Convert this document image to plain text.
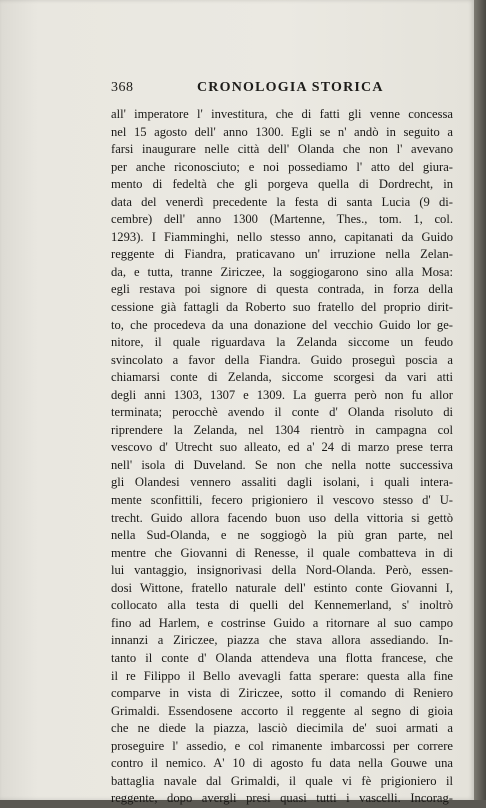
368	CRONOLOGIA STORICA
all' imperatore l' investitura, che di fatti gli venne concessa
nel 15 agosto dell' anno 1300. Egli se n' andò in seguito a
farsi inaugurare nelle città dell' Olanda che non l' avevano
per anche riconosciuto; e noi possediamo l' atto del giura-
mento di fedeltà che gli porgeva quella di Dordrecht, in
data del venerdì precedente la festa di santa Lucia (9 di-
cembre) dell' anno 1300 (Martenne, Thes., tom. 1, col.
1293). I Fiamminghi, nello stesso anno, capitanati da Guido
reggente di Fiandra, praticavano un' irruzione nella Zelan-
da, e tutta, tranne Ziriczee, la soggiogarono sino alla Mosa:
egli restava poi signore di questa contrada, in forza della
cessione già fattagli da Roberto suo fratello del proprio dirit-
to, che procedeva da una donazione del vecchio Guido lor ge-
nitore, il quale riguardava la Zelanda siccome un feudo
svincolato a favor della Fiandra. Guido proseguì poscia a
chiamarsi conte di Zelanda, siccome scorgesi da vari atti
degli anni 1303, 1307 e 1309. La guerra però non fu allor
terminata; perocchè avendo il conte d' Olanda risoluto di
riprendere la Zelanda, nel 1304 rientrò in campagna col
vescovo d' Utrecht suo alleato, ed a' 24 di marzo prese terra
nell' isola di Duveland. Se non che nella notte successiva
gli Olandesi vennero assaliti dagli isolani, i quali intera-
mente sconfittili, fecero prigioniero il vescovo stesso d' U-
trecht. Guido allora facendo buon uso della vittoria si gettò
nella Sud-Olanda, e ne soggiogò la più gran parte, nel
mentre che Giovanni di Renesse, il quale combatteva in di
lui vantaggio, insignorivasi della Nord-Olanda. Però, essen-
dosi Wittone, fratello naturale dell' estinto conte Giovanni I,
collocato alla testa di quelli del Kennemerland, s' inoltrò
fino ad Harlem, e costrinse Guido a ritornare al suo campo
innanzi a Ziriczee, piazza che stava allora assediando. In-
tanto il conte d' Olanda attendeva una flotta francese, che
il re Filippo il Bello avevagli fatta sperare: questa alla fine
comparve in vista di Ziriczee, sotto il comando di Reniero
Grimaldi. Essendosene accorto il reggente al segno di gioia
che ne diede la piazza, lasciò diecimila de' suoi armati a
proseguire l' assedio, e col rimanente imbarcossi per correre
contro il nemico. A' 10 di agosto fu data nella Gouwe una
battaglia navale dal Grimaldi, il quale vi fè prigioniero il
reggente, dopo avergli presi quasi tutti i vascelli. Incorag-
